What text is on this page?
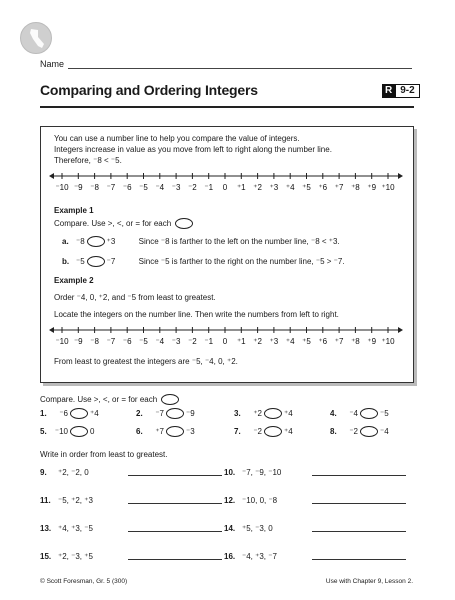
Name
Comparing and Ordering Integers	R 9-2
You can use a number line to help you compare the value of integers.
Integers increase in value as you move from left to right along the number line.
Therefore, ⁻8 < ⁻5.
⁻10 ⁻9 ⁻8 ⁻7 ⁻6 ⁻5 ⁻4 ⁻3 ⁻2 ⁻1 0 ⁺1 ⁺2 ⁺3 ⁺4 ⁺5 ⁺6 ⁺7 ⁺8 ⁺9 ⁺10
Example 1
Compare. Use >, <, or = for each
a. ⁻8	⁺3	Since ⁻8 is farther to the left on the number line, ⁻8 < ⁺3.
b. ⁻5	⁻7	Since ⁻5 is farther to the right on the number line, ⁻5 > ⁻7.
Example 2
Order ⁻4, 0, ⁺2, and ⁻5 from least to greatest.
Locate the integers on the number line. Then write the numbers from left to right.
⁻10 ⁻9 ⁻8 ⁻7 ⁻6 ⁻5 ⁻4 ⁻3 ⁻2 ⁻1 0 ⁺1 ⁺2 ⁺3 ⁺4 ⁺5 ⁺6 ⁺7 ⁺8 ⁺9 ⁺10
From least to greatest the integers are ⁻5, ⁻4, 0, ⁺2.
Compare. Use >, <, or = for each
1.	⁻6	⁺4	2.	⁻7	⁻9	3.	⁺2	⁺4	4.	⁻4	⁻5
5.	⁻10	0	6.	⁺7	⁻3	7.	⁻2	⁺4	8.	⁻2	⁻4
Write in order from least to greatest.
9.	⁺2, ⁻2, 0	10. ⁻7, ⁻9, ⁻10
11. ⁻5, ⁺2, ⁺3	12. ⁻10, 0, ⁻8
13. ⁺4, ⁺3, ⁻5	14. ⁺5, ⁻3, 0
15. ⁺2, ⁻3, ⁺5	16. ⁻4, ⁺3, ⁻7
© Scott Foresman, Gr. 5 (300)	Use with Chapter 9, Lesson 2.
